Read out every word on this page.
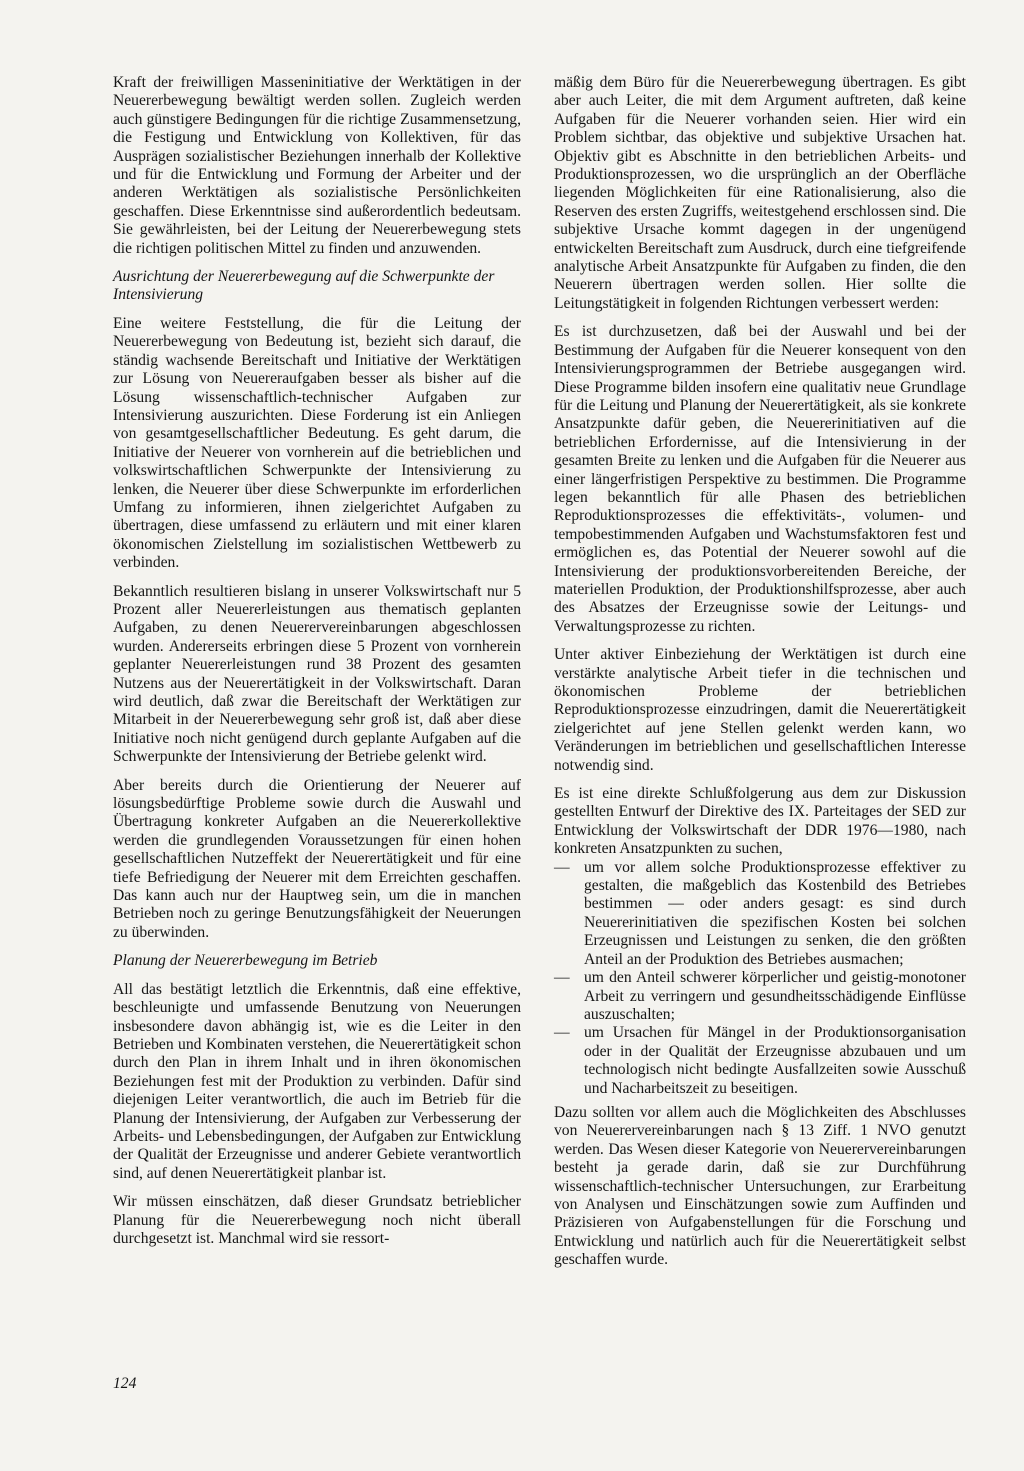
Kraft der freiwilligen Masseninitiative der Werktätigen in der Neuererbewegung bewältigt werden sollen. Zugleich werden auch günstigere Bedingungen für die richtige Zusammensetzung, die Festigung und Entwicklung von Kollektiven, für das Ausprägen sozialistischer Beziehungen innerhalb der Kollektive und für die Entwicklung und Formung der Arbeiter und der anderen Werktätigen als sozialistische Persönlichkeiten geschaffen. Diese Erkenntnisse sind außerordentlich bedeutsam. Sie gewährleisten, bei der Leitung der Neuererbewegung stets die richtigen politischen Mittel zu finden und anzuwenden.

Ausrichtung der Neuererbewegung auf die Schwerpunkte der Intensivierung

Eine weitere Feststellung, die für die Leitung der Neuererbewegung von Bedeutung ist, bezieht sich darauf, die ständig wachsende Bereitschaft und Initiative der Werktätigen zur Lösung von Neuereraufgaben besser als bisher auf die Lösung wissenschaftlich-technischer Aufgaben zur Intensivierung auszurichten. Diese Forderung ist ein Anliegen von gesamtgesellschaftlicher Bedeutung. Es geht darum, die Initiative der Neuerer von vornherein auf die betrieblichen und volkswirtschaftlichen Schwerpunkte der Intensivierung zu lenken, die Neuerer über diese Schwerpunkte im erforderlichen Umfang zu informieren, ihnen zielgerichtet Aufgaben zu übertragen, diese umfassend zu erläutern und mit einer klaren ökonomischen Zielstellung im sozialistischen Wettbewerb zu verbinden.

Bekanntlich resultieren bislang in unserer Volkswirtschaft nur 5 Prozent aller Neuererleistungen aus thematisch geplanten Aufgaben, zu denen Neuerervereinbarungen abgeschlossen wurden. Andererseits erbringen diese 5 Prozent von vornherein geplanter Neuererleistungen rund 38 Prozent des gesamten Nutzens aus der Neuerertätigkeit in der Volkswirtschaft. Daran wird deutlich, daß zwar die Bereitschaft der Werktätigen zur Mitarbeit in der Neuererbewegung sehr groß ist, daß aber diese Initiative noch nicht genügend durch geplante Aufgaben auf die Schwerpunkte der Intensivierung der Betriebe gelenkt wird.

Aber bereits durch die Orientierung der Neuerer auf lösungsbedürftige Probleme sowie durch die Auswahl und Übertragung konkreter Aufgaben an die Neuererkollektive werden die grundlegenden Voraussetzungen für einen hohen gesellschaftlichen Nutzeffekt der Neuerertätigkeit und für eine tiefe Befriedigung der Neuerer mit dem Erreichten geschaffen. Das kann auch nur der Hauptweg sein, um die in manchen Betrieben noch zu geringe Benutzungsfähigkeit der Neuerungen zu überwinden.

Planung der Neuererbewegung im Betrieb

All das bestätigt letztlich die Erkenntnis, daß eine effektive, beschleunigte und umfassende Benutzung von Neuerungen insbesondere davon abhängig ist, wie es die Leiter in den Betrieben und Kombinaten verstehen, die Neuerertätigkeit schon durch den Plan in ihrem Inhalt und in ihren ökonomischen Beziehungen fest mit der Produktion zu verbinden. Dafür sind diejenigen Leiter verantwortlich, die auch im Betrieb für die Planung der Intensivierung, der Aufgaben zur Verbesserung der Arbeits- und Lebensbedingungen, der Aufgaben zur Entwicklung der Qualität der Erzeugnisse und anderer Gebiete verantwortlich sind, auf denen Neuerertätigkeit planbar ist.

Wir müssen einschätzen, daß dieser Grundsatz betrieblicher Planung für die Neuererbewegung noch nicht überall durchgesetzt ist. Manchmal wird sie ressort-

mäßig dem Büro für die Neuererbewegung übertragen. Es gibt aber auch Leiter, die mit dem Argument auftreten, daß keine Aufgaben für die Neuerer vorhanden seien. Hier wird ein Problem sichtbar, das objektive und subjektive Ursachen hat. Objektiv gibt es Abschnitte in den betrieblichen Arbeits- und Produktionsprozessen, wo die ursprünglich an der Oberfläche liegenden Möglichkeiten für eine Rationalisierung, also die Reserven des ersten Zugriffs, weitestgehend erschlossen sind. Die subjektive Ursache kommt dagegen in der ungenügend entwickelten Bereitschaft zum Ausdruck, durch eine tiefgreifende analytische Arbeit Ansatzpunkte für Aufgaben zu finden, die den Neuerern übertragen werden sollen. Hier sollte die Leitungstätigkeit in folgenden Richtungen verbessert werden:

Es ist durchzusetzen, daß bei der Auswahl und bei der Bestimmung der Aufgaben für die Neuerer konsequent von den Intensivierungsprogrammen der Betriebe ausgegangen wird. Diese Programme bilden insofern eine qualitativ neue Grundlage für die Leitung und Planung der Neuerertätigkeit, als sie konkrete Ansatzpunkte dafür geben, die Neuererinitiativen auf die betrieblichen Erfordernisse, auf die Intensivierung in der gesamten Breite zu lenken und die Aufgaben für die Neuerer aus einer längerfristigen Perspektive zu bestimmen. Die Programme legen bekanntlich für alle Phasen des betrieblichen Reproduktionsprozesses die effektivitäts-, volumen- und tempobestimmenden Aufgaben und Wachstumsfaktoren fest und ermöglichen es, das Potential der Neuerer sowohl auf die Intensivierung der produktionsvorbereitenden Bereiche, der materiellen Produktion, der Produktionshilfsprozesse, aber auch des Absatzes der Erzeugnisse sowie der Leitungs- und Verwaltungsprozesse zu richten.

Unter aktiver Einbeziehung der Werktätigen ist durch eine verstärkte analytische Arbeit tiefer in die technischen und ökonomischen Probleme der betrieblichen Reproduktionsprozesse einzudringen, damit die Neuerertätigkeit zielgerichtet auf jene Stellen gelenkt werden kann, wo Veränderungen im betrieblichen und gesellschaftlichen Interesse notwendig sind.

Es ist eine direkte Schlußfolgerung aus dem zur Diskussion gestellten Entwurf der Direktive des IX. Parteitages der SED zur Entwicklung der Volkswirtschaft der DDR 1976—1980, nach konkreten Ansatzpunkten zu suchen,

— um vor allem solche Produktionsprozesse effektiver zu gestalten, die maßgeblich das Kostenbild des Betriebes bestimmen — oder anders gesagt: es sind durch Neuererinitiativen die spezifischen Kosten bei solchen Erzeugnissen und Leistungen zu senken, die den größten Anteil an der Produktion des Betriebes ausmachen;
— um den Anteil schwerer körperlicher und geistig-monotoner Arbeit zu verringern und gesundheitsschädigende Einflüsse auszuschalten;
— um Ursachen für Mängel in der Produktionsorganisation oder in der Qualität der Erzeugnisse abzubauen und um technologisch nicht bedingte Ausfallzeiten sowie Ausschuß und Nacharbeitszeit zu beseitigen.

Dazu sollten vor allem auch die Möglichkeiten des Abschlusses von Neuerervereinbarungen nach § 13 Ziff. 1 NVO genutzt werden. Das Wesen dieser Kategorie von Neuerervereinbarungen besteht ja gerade darin, daß sie zur Durchführung wissenschaftlich-technischer Untersuchungen, zur Erarbeitung von Analysen und Einschätzungen sowie zum Auffinden und Präzisieren von Aufgabenstellungen für die Forschung und Entwicklung und natürlich auch für die Neuerertätigkeit selbst geschaffen wurde.

124
